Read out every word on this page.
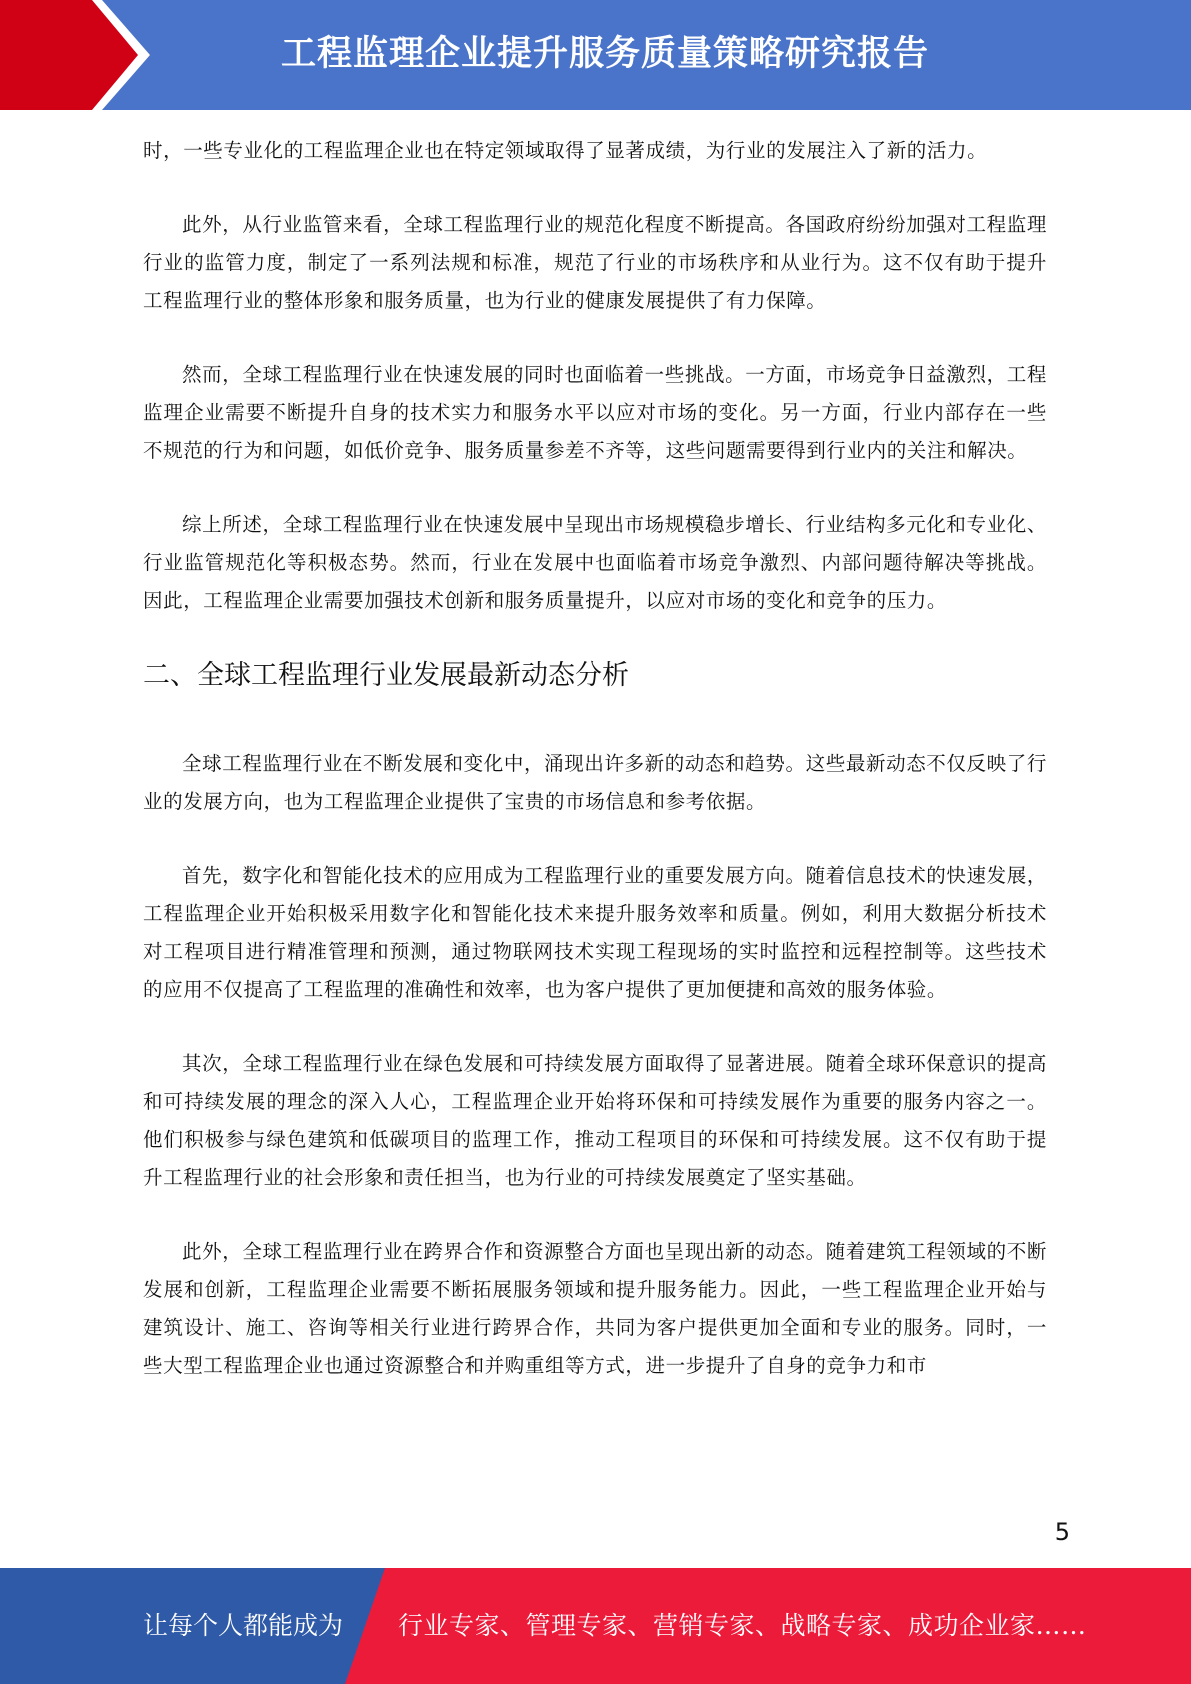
工程监理企业提升服务质量策略研究报告

时，一些专业化的工程监理企业也在特定领域取得了显著成绩，为行业的发展注入了新的活力。

此外，从行业监管来看，全球工程监理行业的规范化程度不断提高。各国政府纷纷加强对工程监理行业的监管力度，制定了一系列法规和标准，规范了行业的市场秩序和从业行为。这不仅有助于提升工程监理行业的整体形象和服务质量，也为行业的健康发展提供了有力保障。

然而，全球工程监理行业在快速发展的同时也面临着一些挑战。一方面，市场竞争日益激烈，工程监理企业需要不断提升自身的技术实力和服务水平以应对市场的变化。另一方面，行业内部存在一些不规范的行为和问题，如低价竞争、服务质量参差不齐等，这些问题需要得到行业内的关注和解决。

综上所述，全球工程监理行业在快速发展中呈现出市场规模稳步增长、行业结构多元化和专业化、行业监管规范化等积极态势。然而，行业在发展中也面临着市场竞争激烈、内部问题待解决等挑战。因此，工程监理企业需要加强技术创新和服务质量提升，以应对市场的变化和竞争的压力。

二、全球工程监理行业发展最新动态分析

全球工程监理行业在不断发展和变化中，涌现出许多新的动态和趋势。这些最新动态不仅反映了行业的发展方向，也为工程监理企业提供了宝贵的市场信息和参考依据。

首先，数字化和智能化技术的应用成为工程监理行业的重要发展方向。随着信息技术的快速发展，工程监理企业开始积极采用数字化和智能化技术来提升服务效率和质量。例如，利用大数据分析技术对工程项目进行精准管理和预测，通过物联网技术实现工程现场的实时监控和远程控制等。这些技术的应用不仅提高了工程监理的准确性和效率，也为客户提供了更加便捷和高效的服务体验。

其次，全球工程监理行业在绿色发展和可持续发展方面取得了显著进展。随着全球环保意识的提高和可持续发展的理念的深入人心，工程监理企业开始将环保和可持续发展作为重要的服务内容之一。他们积极参与绿色建筑和低碳项目的监理工作，推动工程项目的环保和可持续发展。这不仅有助于提升工程监理行业的社会形象和责任担当，也为行业的可持续发展奠定了坚实基础。

此外，全球工程监理行业在跨界合作和资源整合方面也呈现出新的动态。随着建筑工程领域的不断发展和创新，工程监理企业需要不断拓展服务领域和提升服务能力。因此，一些工程监理企业开始与建筑设计、施工、咨询等相关行业进行跨界合作，共同为客户提供更加全面和专业的服务。同时，一些大型工程监理企业也通过资源整合和并购重组等方式，进一步提升了自身的竞争力和市

5
让每个人都能成为 行业专家、管理专家、营销专家、战略专家、成功企业家……
